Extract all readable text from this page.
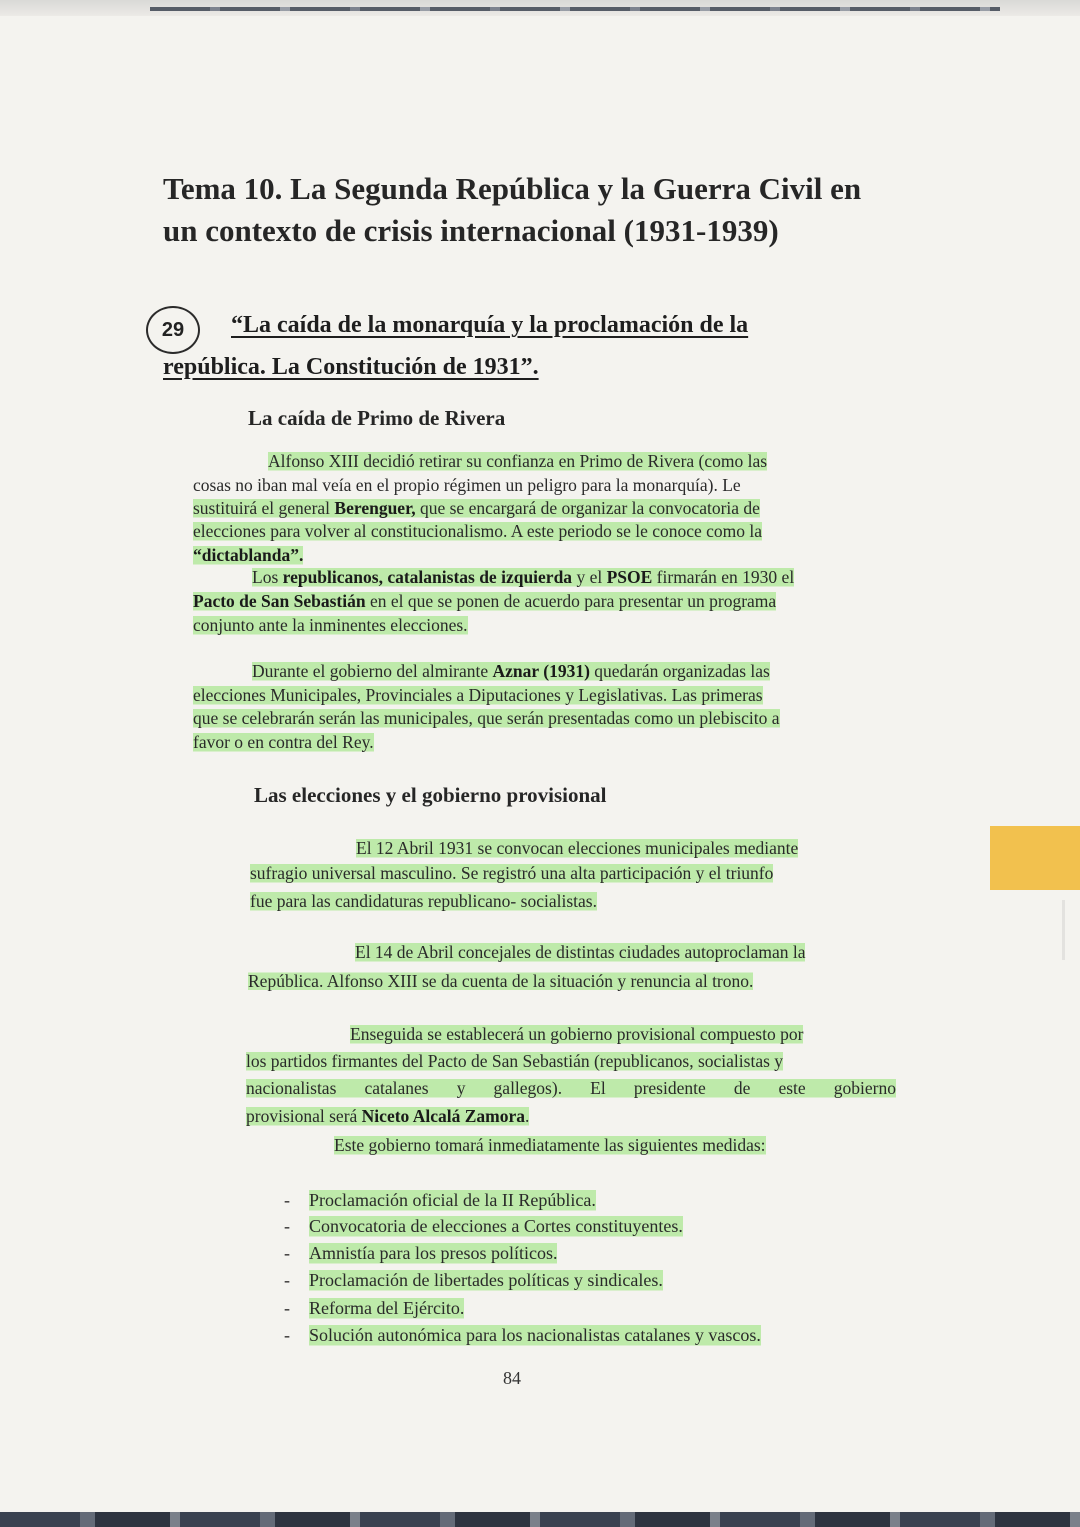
Tema 10. La Segunda República y la Guerra Civil en un contexto de crisis internacional (1931-1939)
29 “La caída de la monarquía y la proclamación de la
república. La Constitución de 1931”.
La caída de Primo de Rivera
Alfonso XIII decidió retirar su confianza en Primo de Rivera (como las
cosas no iban mal veía en el propio régimen un peligro para la monarquía). Le
sustituirá el general Berenguer, que se encargará de organizar la convocatoria de
elecciones para volver al constitucionalismo. A este periodo se le conoce como la
“dictablanda”.
Los republicanos, catalanistas de izquierda y el PSOE firmarán en 1930 el
Pacto de San Sebastián en el que se ponen de acuerdo para presentar un programa
conjunto ante la inminentes elecciones.
Durante el gobierno del almirante Aznar (1931) quedarán organizadas las
elecciones Municipales, Provinciales a Diputaciones y Legislativas. Las primeras
que se celebrarán serán las municipales, que serán presentadas como un plebiscito a
favor o en contra del Rey.
Las elecciones y el gobierno provisional
El 12 Abril 1931 se convocan elecciones municipales mediante
sufragio universal masculino. Se registró una alta participación y el triunfo
fue para las candidaturas republicano- socialistas.
El 14 de Abril concejales de distintas ciudades autoproclaman la
República. Alfonso XIII se da cuenta de la situación y renuncia al trono.
Enseguida se establecerá un gobierno provisional compuesto por
los partidos firmantes del Pacto de San Sebastián (republicanos, socialistas y
nacionalistas catalanes y gallegos). El presidente de este gobierno
provisional será Niceto Alcalá Zamora.
Este gobierno tomará inmediatamente las siguientes medidas:
- Proclamación oficial de la II República.
- Convocatoria de elecciones a Cortes constituyentes.
- Amnistía para los presos políticos.
- Proclamación de libertades políticas y sindicales.
- Reforma del Ejército.
- Solución autonómica para los nacionalistas catalanes y vascos.
84
